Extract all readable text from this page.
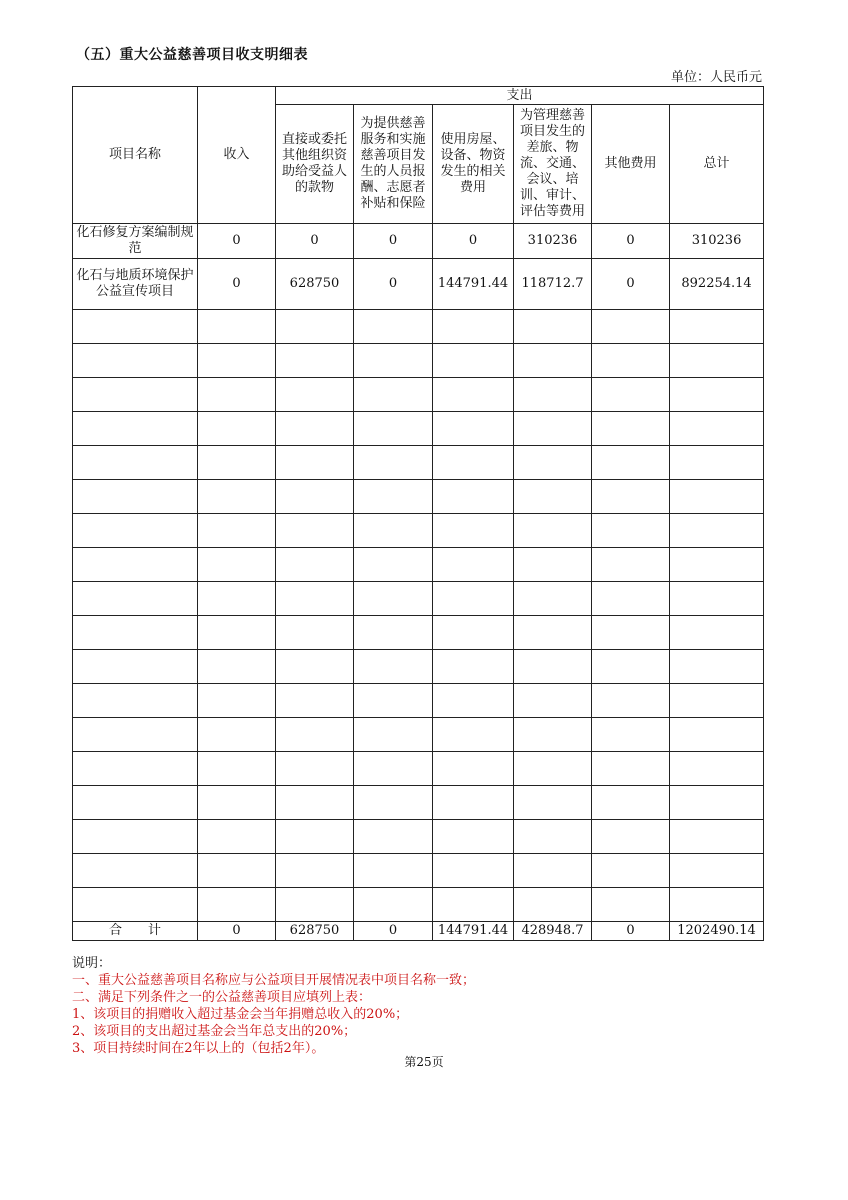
（五）重大公益慈善项目收支明细表
单位：人民币元
项目名称	收入	支出					
		直接或委托其他组织资助给受益人的款物	为提供慈善服务和实施慈善项目发生的人员报酬、志愿者补贴和保险	使用房屋、设备、物资发生的相关费用	为管理慈善项目发生的差旅、物流、交通、会议、培训、审计、评估等费用	其他费用	总计
化石修复方案编制规范	0	0	0	0	310236	0	310236
化石与地质环境保护公益宣传项目	0	628750	0	144791.44	118712.7	0	892254.14

合　　计	0	628750	0	144791.44	428948.7	0	1202490.14
说明：
一、重大公益慈善项目名称应与公益项目开展情况表中项目名称一致；
二、满足下列条件之一的公益慈善项目应填列上表：
1、该项目的捐赠收入超过基金会当年捐赠总收入的20%；
2、该项目的支出超过基金会当年总支出的20%；
3、项目持续时间在2年以上的（包括2年）。
第25页
